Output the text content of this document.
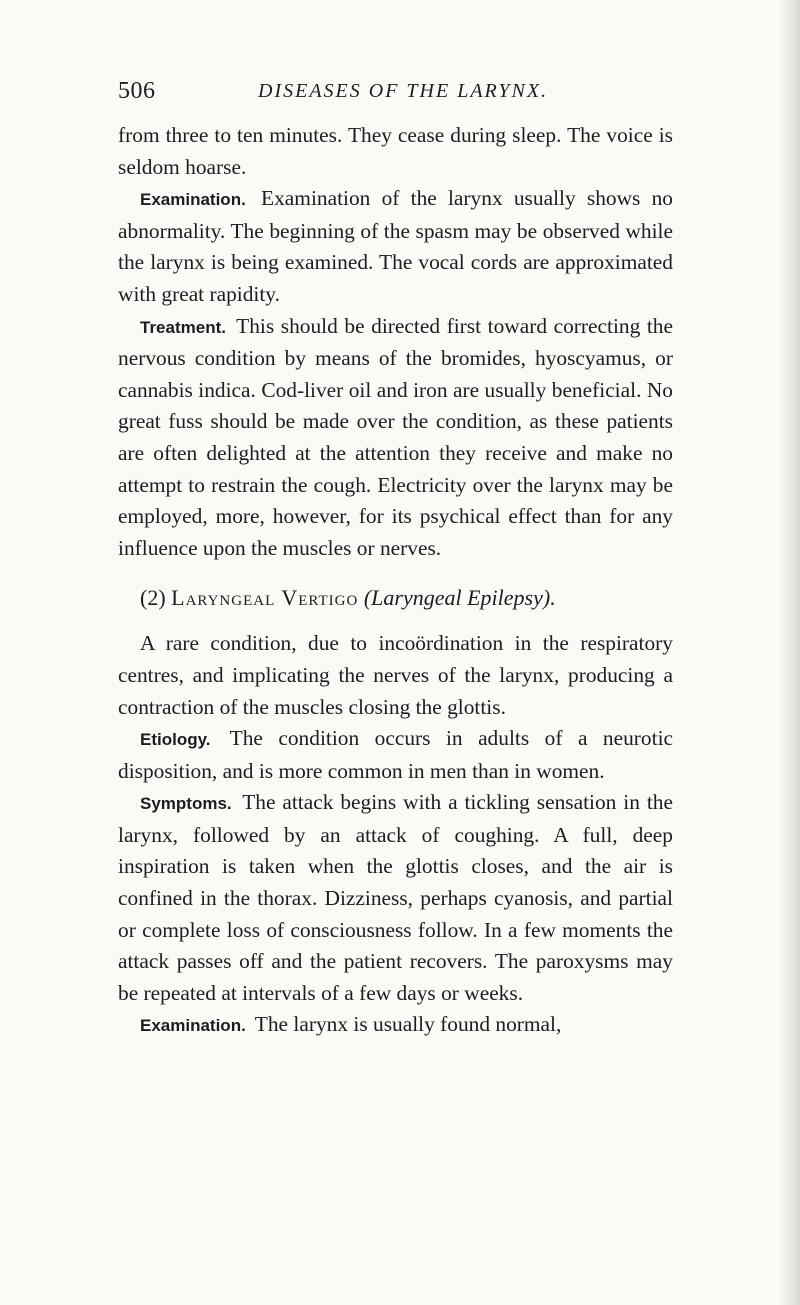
506	DISEASES OF THE LARYNX.

from three to ten minutes. They cease during sleep. The voice is seldom hoarse.

Examination. Examination of the larynx usually shows no abnormality. The beginning of the spasm may be observed while the larynx is being examined. The vocal cords are approximated with great rapidity.

Treatment. This should be directed first toward correcting the nervous condition by means of the bromides, hyoscyamus, or cannabis indica. Cod-liver oil and iron are usually beneficial. No great fuss should be made over the condition, as these patients are often delighted at the attention they receive and make no attempt to restrain the cough. Electricity over the larynx may be employed, more, however, for its psychical effect than for any influence upon the muscles or nerves.

(2) Laryngeal Vertigo (Laryngeal Epilepsy).

A rare condition, due to incoördination in the respiratory centres, and implicating the nerves of the larynx, producing a contraction of the muscles closing the glottis.

Etiology. The condition occurs in adults of a neurotic disposition, and is more common in men than in women.

Symptoms. The attack begins with a tickling sensation in the larynx, followed by an attack of coughing. A full, deep inspiration is taken when the glottis closes, and the air is confined in the thorax. Dizziness, perhaps cyanosis, and partial or complete loss of consciousness follow. In a few moments the attack passes off and the patient recovers. The paroxysms may be repeated at intervals of a few days or weeks.

Examination. The larynx is usually found normal,
